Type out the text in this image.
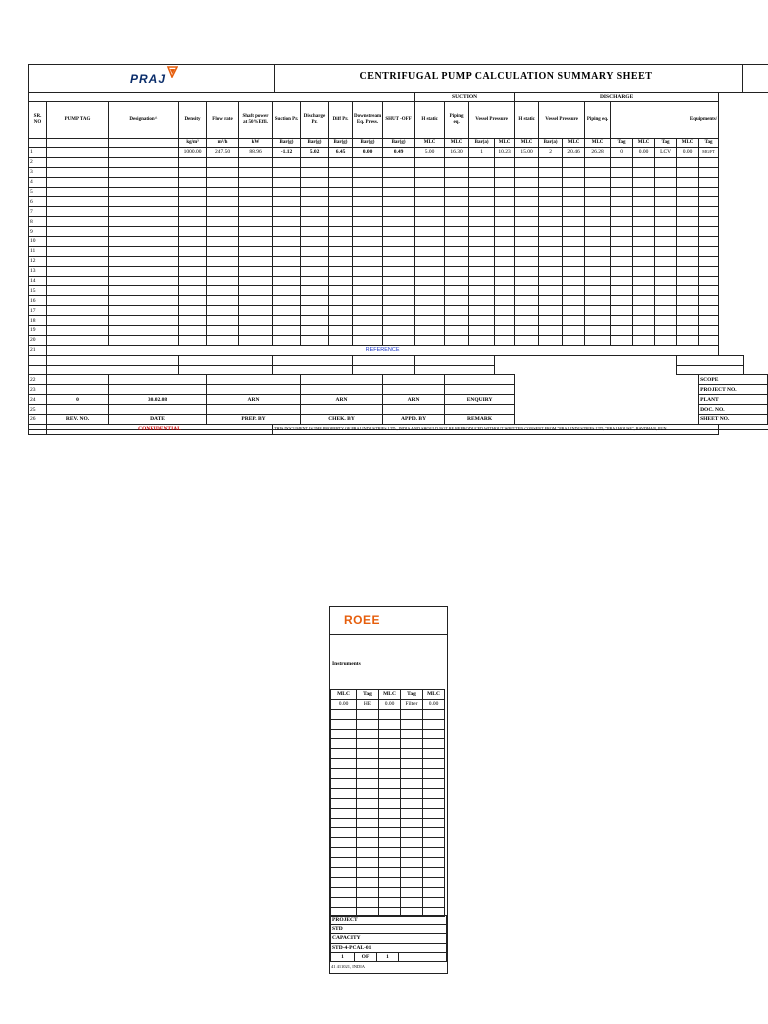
PRAJ	CENTRIFUGAL PUMP CALCULATION SUMMARY SHEET
											SUCTION				DISCHARGE								
SR. NO	PUMP TAG	Designation^	Density	Flow rate	Shaft power at 50%Effi.	Suction Pr.	Discharge Pr.	Diff Pr.	Downstream Eq. Press.	SHUT -OFF	H static	Piping eq.	Vessel Pressure		H static	Vessel Pressure		Piping eq.	Equipments/				
			kg/m³	m³/h	kW	Bar(g)	Bar(g)	Bar(g)	Bar(g)	Bar(g)	MLC	MLC	Bar(a)	MLC	MLC	Bar(a)	MLC	MLC	Tag	MLC	Tag	MLC	Tag
1			1000.00	247.50	88.96	-1.12	5.02	6.45	0.00	0.49	5.00	16.30	1	10.23	15.00	2	20.46	26.28	0	0.00	LCV	0.00	MG/FT
2																							
3																							
4																							
5																							
6																							
7																							
8																							
9																							
10																							
11																							
12																							
13																							
14																							
15																							
16																							
17																							
18																							
19																							
20																							
21	REFERENCE																						

22																							SCOPE
23																							PROJECT NO.
24	0	30.02.08		ARN			ARN			ARN		ENQUIRY											PLANT
25																							DOC. NO.
26	REV. NO.	DATE		PREP. BY			CHEK. BY			APPD. BY		REMARK											SHEET NO.
	CONFIDENTIAL					THIS DOCUMENT IS THE PROPERTY OF PRAJ INDUSTRIES LTD., INDIA AND SHOULD NOT BE REPRODUCED WITHOUT WRITTEN CONSENT FROM "PRAJ INDUSTRIES LTD, "PRAJ HOUSE", BAVDHAN, PUN																	
ROEE
Instruments
MLC	Tag	MLC	Tag	MLC
0.00	HE	0.00	Filter	0.00

PROJECT
STD
CAPACITY
STD-4-PCAL-01
1	OF	1	
41 411021, INDIA
